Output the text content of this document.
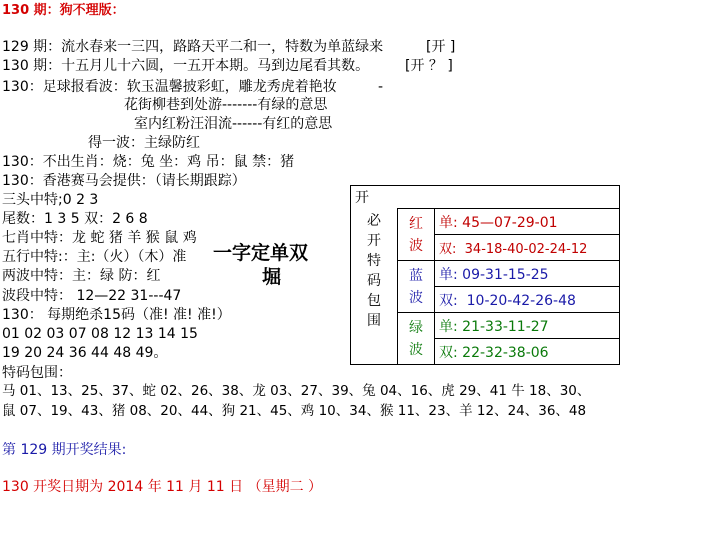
130 期：狗不理版：
129 期：流水春来一三四，路路天平二和一，特数为单蓝绿来	[开 ]
130 期：十五月儿十六圆，一五开本期。马到边尾看其数。	[开 ？ ]
130：足球报看波：软玉温馨披彩虹，雕龙秀虎着艳妆	-
花街柳巷到处游-------有绿的意思
室内红粉汪泪流------有红的意思
得一波：主绿防红
130：不出生肖：烧：兔 坐：鸡 吊：鼠 禁：猪
130：香港赛马会提供：（请长期跟踪）
三头中特;0 2 3
尾数：1 3 5 双：2 6 8
七肖中特：龙 蛇 猪 羊 猴 鼠 鸡
五行中特:：主:（火）（木）准
两波中特：主：绿 防：红
波段中特： 12—22 31---47
130： 每期绝杀15码（准! 准! 准!）
01 02 03 07 08 12 13 14 15
19 20 24 36 44 48 49。
一字定单双
堀
特码包围：
马 01、13、25、37、蛇 02、26、38、龙 03、27、39、兔 04、16、虎 29、41 牛 18、30、
鼠 07、19、43、猪 08、20、44、狗 21、45、鸡 10、34、猴 11、23、羊 12、24、36、48
第 129 期开奖结果:
130 开奖日期为 2014 年 11 月 11 日 （星期二 ）
开		

必开特码包围	红波	单: 45—07-29-01
		双: 34-18-40-02-24-12

	蓝波	单: 09-31-15-25
		双: 10-20-42-26-48

	绿波	单: 21-33-11-27
		双: 22-32-38-06
